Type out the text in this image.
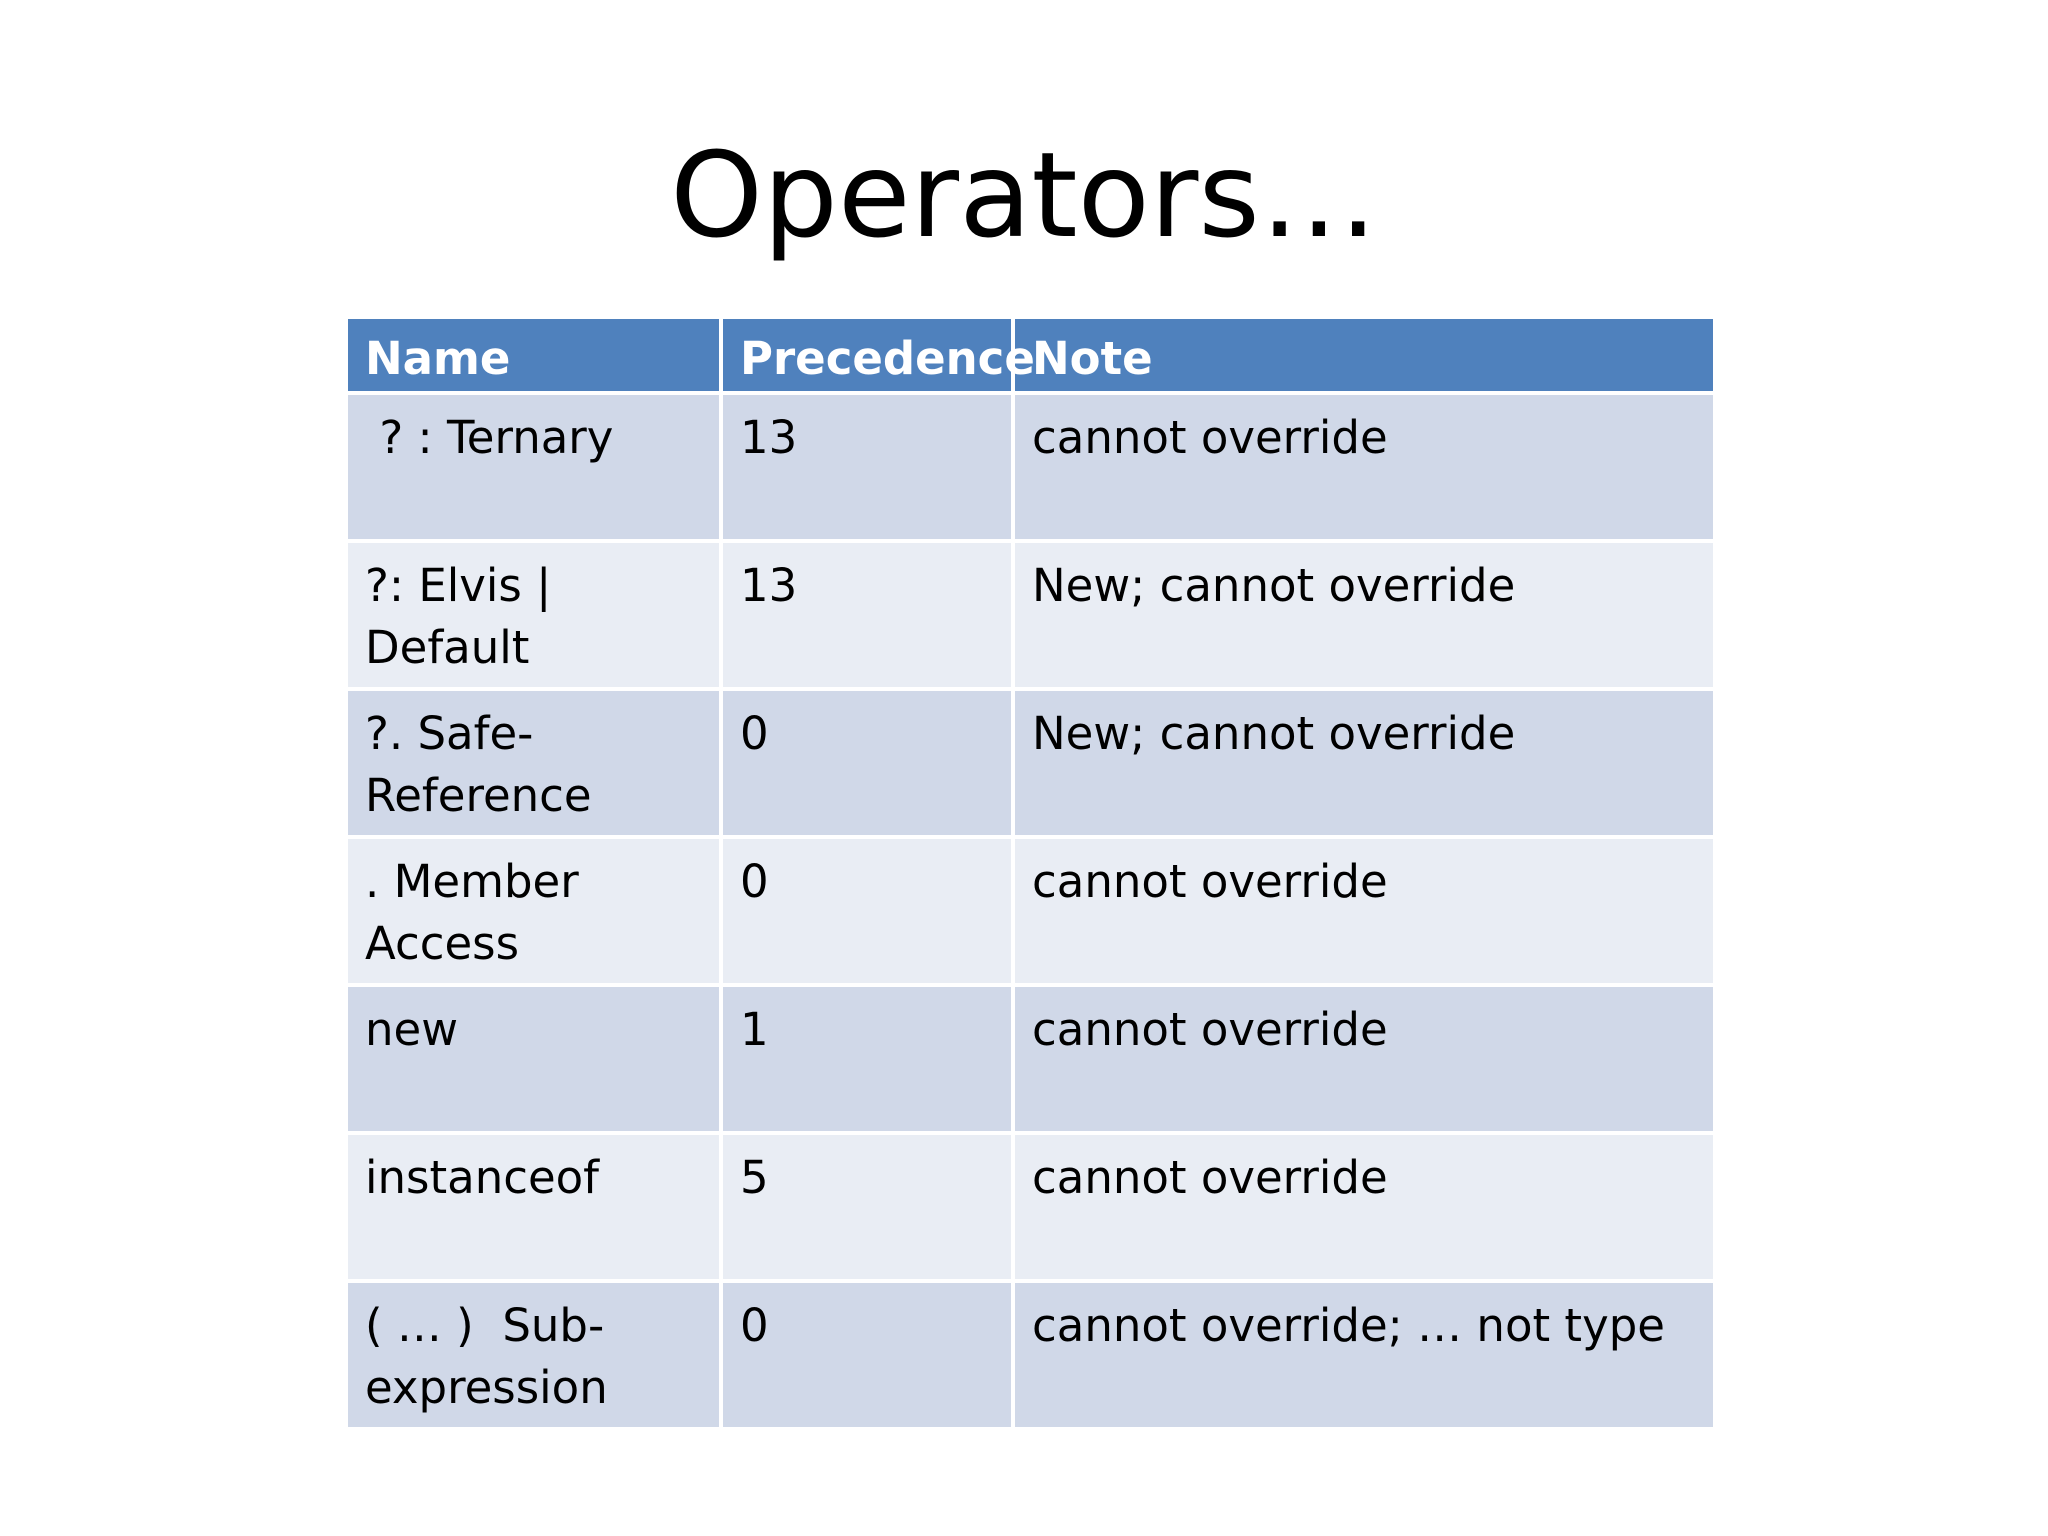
Operators…
Name	Precedence	Note
? : Ternary	13	cannot override
?: Elvis | Default	13	New; cannot override
?. Safe-Reference	0	New; cannot override
. Member Access	0	cannot override
new	1	cannot override
instanceof	5	cannot override
( … )  Sub-expression	0	cannot override; … not type
